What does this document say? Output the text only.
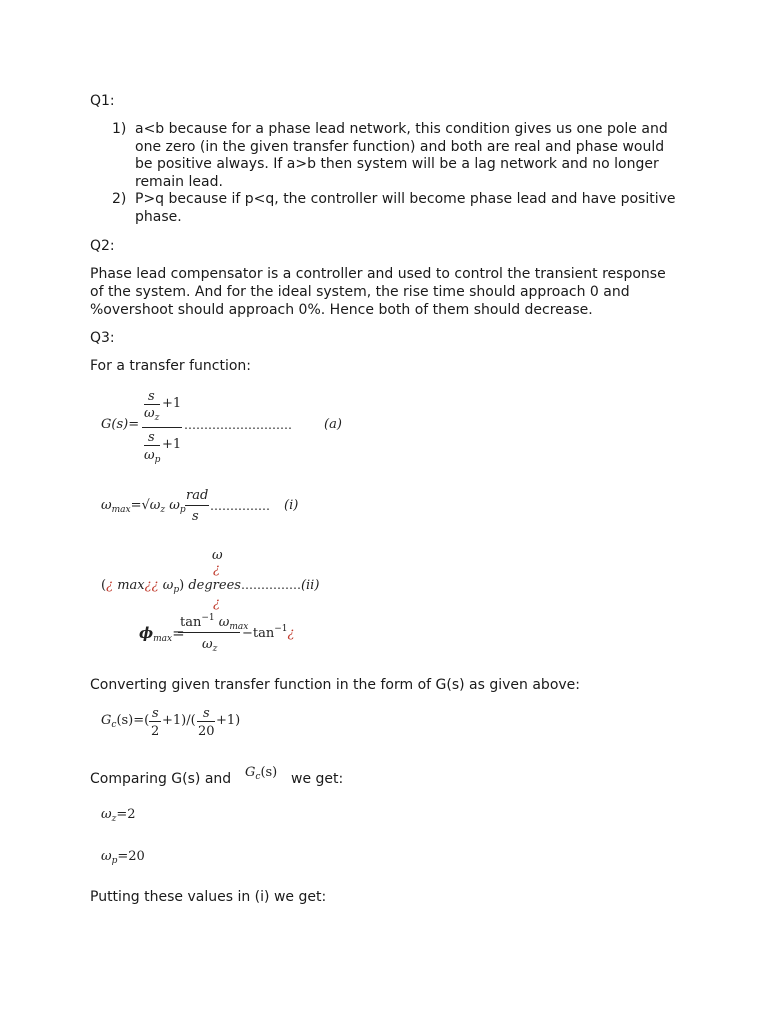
Q1:
1) a<b because for a phase lead network, this condition gives us one pole and one zero (in the given transfer function) and both are real and phase would be positive always. If a>b then system will be a lag network and no longer remain lead.
2) P>q because if p<q, the controller will become phase lead and have positive phase.
Q2:
Phase lead compensator is a controller and used to control the transient response of the system. And for the ideal system, the rise time should approach 0 and %overshoot should approach 0%. Hence both of them should decrease.
Q3:
For a transfer function:
G(s)=
s
$\omega_z$
+1
s
$\omega_p$
+1
……………………… (a)
$\omega_{max}=√\omega_z$ $\omega_p$
rad
s
…………… (i)
ω
¿
(¿ max¿¿ $\omega_p$) degrees……………(ii)
¿
$\phi_{max}=$
$\tan^{-1} \omega_{max}$
$\omega_z$
$-\tan^{-1}¿$
Converting given transfer function in the form of G(s) as given above:
$G_c(s)=$( s
2
+1)/( s
20
+1)
Comparing G(s) and $G_c(s)$ we get:
$\omega_z=2$
$\omega_p=20$
Putting these values in (i) we get:
